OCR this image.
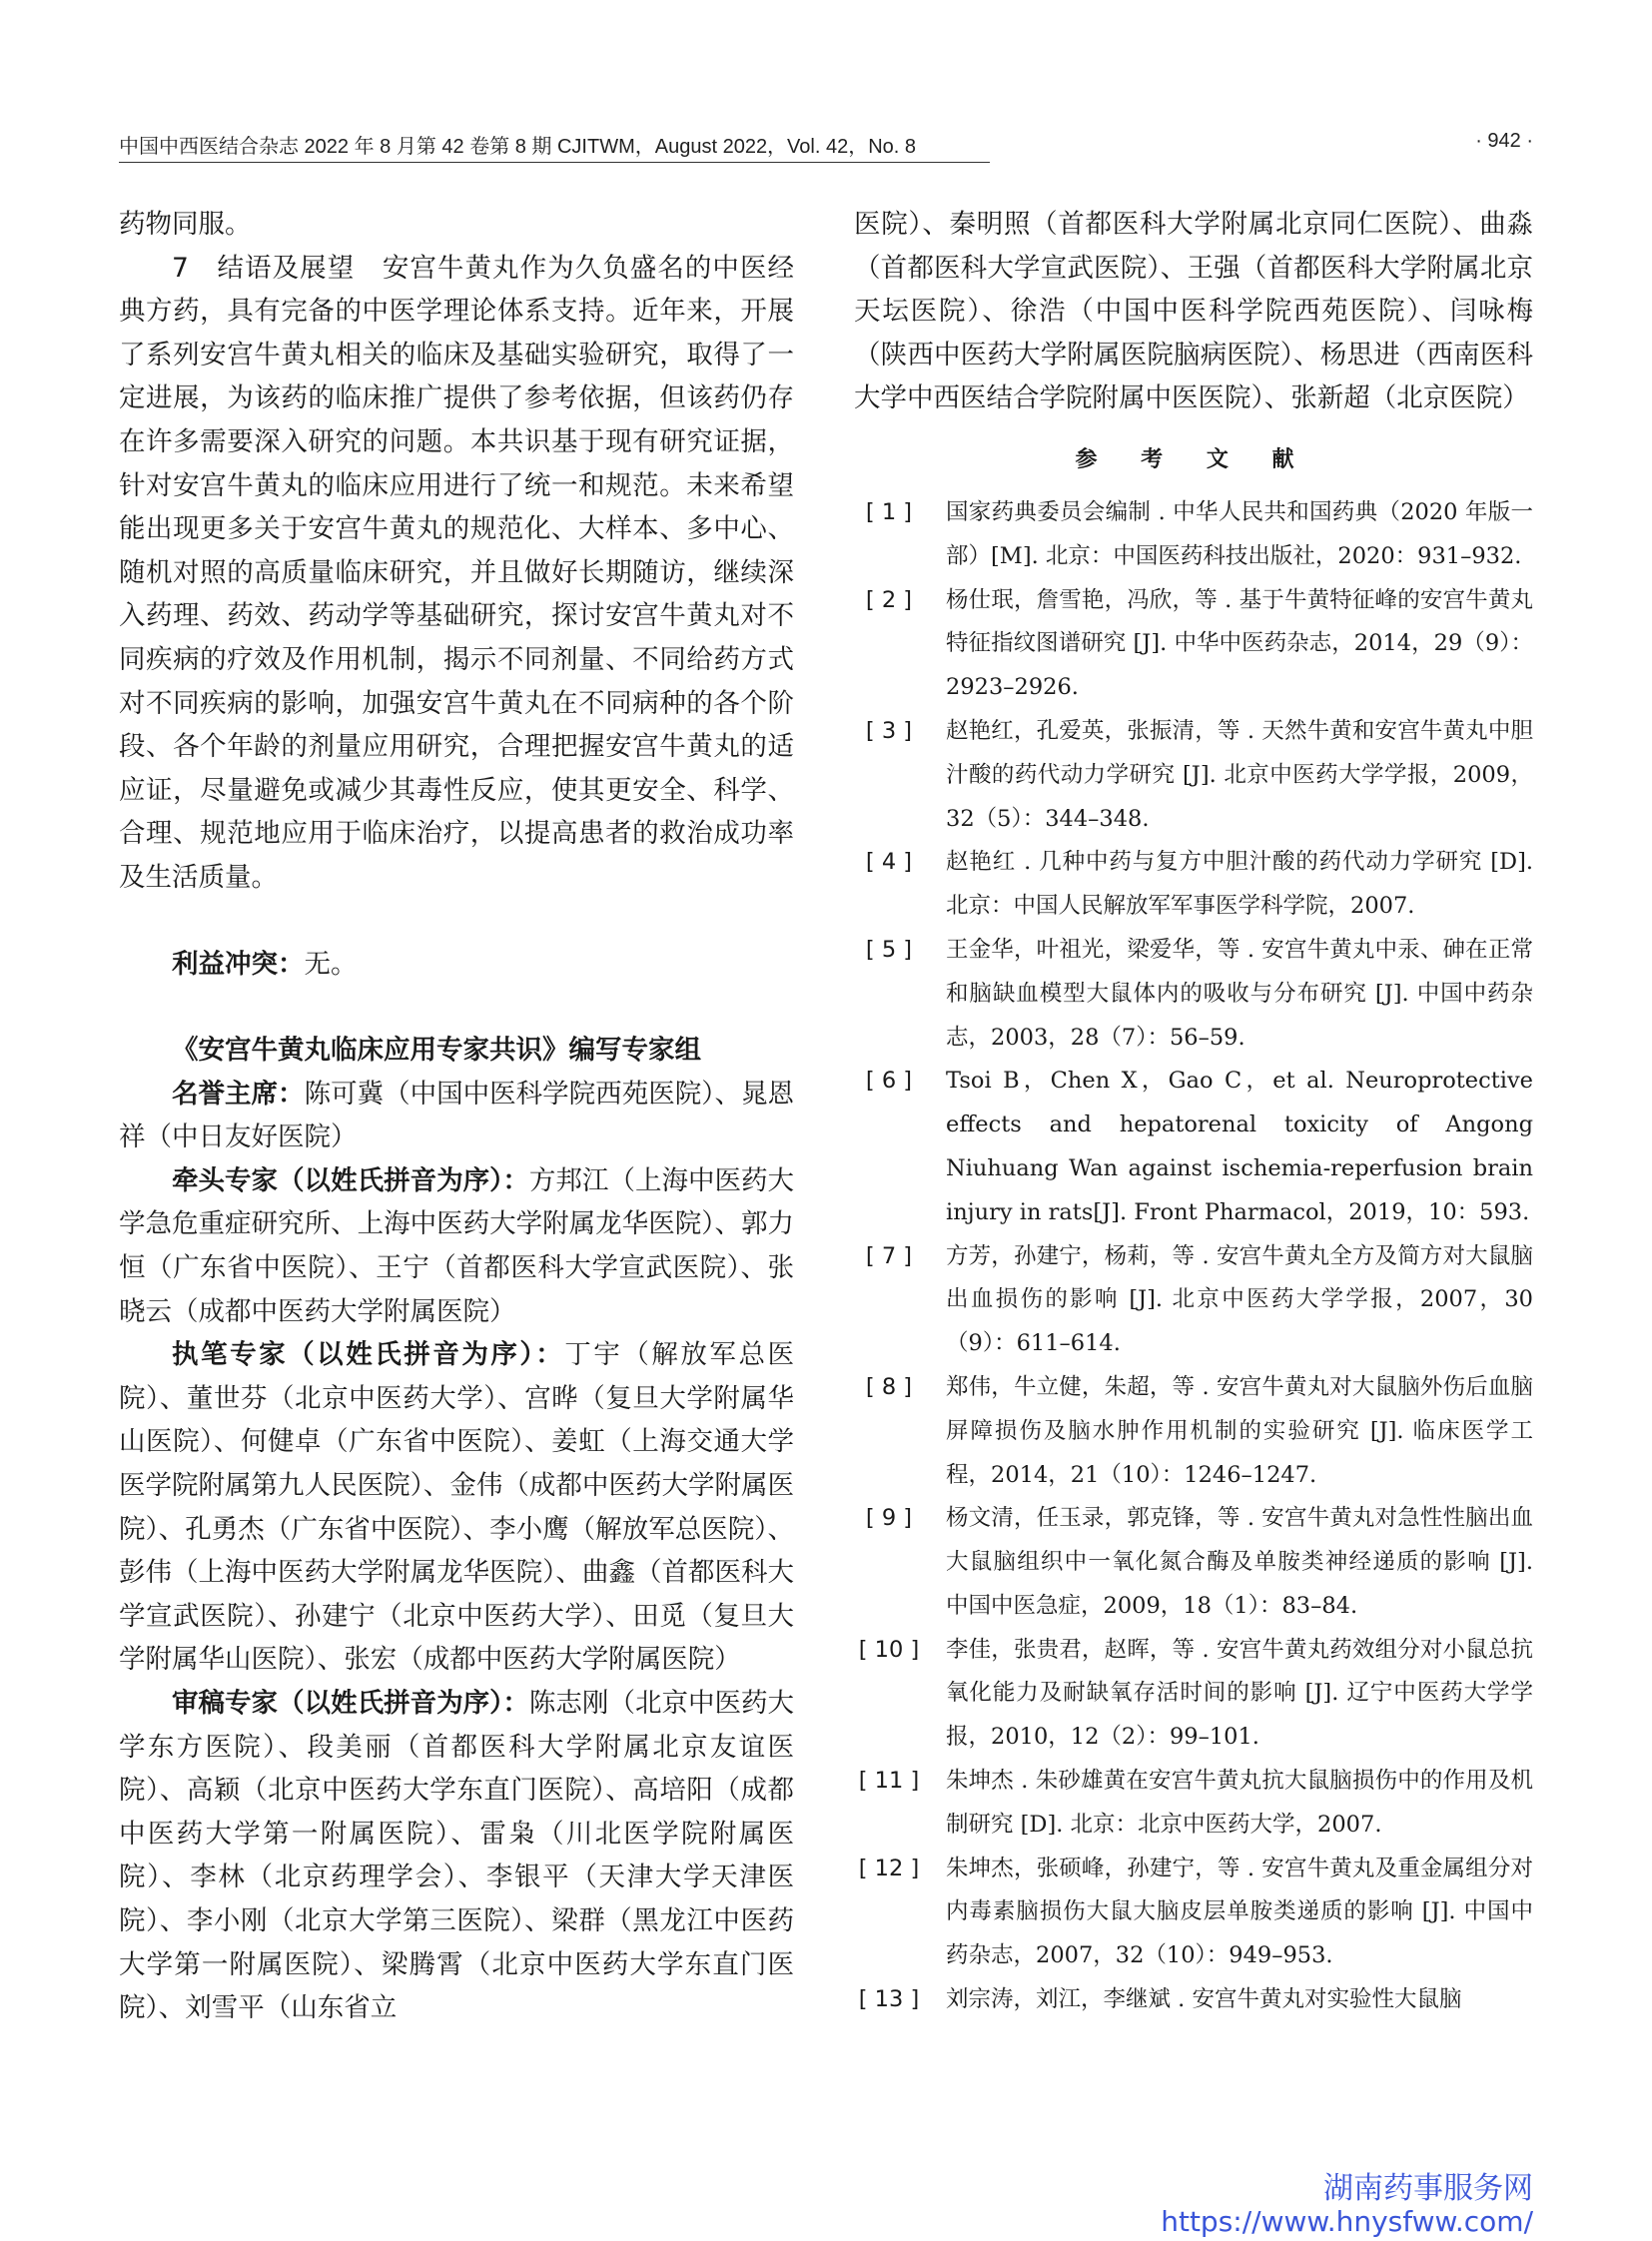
中国中西医结合杂志 2022 年 8 月第 42 卷第 8 期 CJITWM，August 2022，Vol. 42，No. 8	· 942 ·

药物同服。

7　 结语及展望　 安宫牛黄丸作为久负盛名的中医经典方药，具有完备的中医学理论体系支持。近年来，开展了系列安宫牛黄丸相关的临床及基础实验研究，取得了一定进展，为该药的临床推广提供了参考依据，但该药仍存在许多需要深入研究的问题。本共识基于现有研究证据，针对安宫牛黄丸的临床应用进行了统一和规范。未来希望能出现更多关于安宫牛黄丸的规范化、大样本、多中心、随机对照的高质量临床研究，并且做好长期随访，继续深入药理、药效、药动学等基础研究，探讨安宫牛黄丸对不同疾病的疗效及作用机制，揭示不同剂量、不同给药方式对不同疾病的影响，加强安宫牛黄丸在不同病种的各个阶段、各个年龄的剂量应用研究，合理把握安宫牛黄丸的适应证，尽量避免或减少其毒性反应，使其更安全、科学、合理、规范地应用于临床治疗，以提高患者的救治成功率及生活质量。

利益冲突：无。

《安宫牛黄丸临床应用专家共识》编写专家组

名誉主席：陈可冀（中国中医科学院西苑医院）、晁恩祥（中日友好医院）

牵头专家（以姓氏拼音为序）：方邦江（上海中医药大学急危重症研究所、上海中医药大学附属龙华医院）、郭力恒（广东省中医院）、王宁（首都医科大学宣武医院）、张晓云（成都中医药大学附属医院）

执笔专家（以姓氏拼音为序）：丁宇（解放军总医院）、董世芬（北京中医药大学）、宫晔（复旦大学附属华山医院）、何健卓（广东省中医院）、姜虹（上海交通大学医学院附属第九人民医院）、金伟（成都中医药大学附属医院）、孔勇杰（广东省中医院）、李小鹰（解放军总医院）、彭伟（上海中医药大学附属龙华医院）、曲鑫（首都医科大学宣武医院）、孙建宁（北京中医药大学）、田觅（复旦大学附属华山医院）、张宏（成都中医药大学附属医院）

审稿专家（以姓氏拼音为序）：陈志刚（北京中医药大学东方医院）、段美丽（首都医科大学附属北京友谊医院）、高颖（北京中医药大学东直门医院）、高培阳（成都中医药大学第一附属医院）、雷枭（川北医学院附属医院）、李林（北京药理学会）、李银平（天津大学天津医院）、李小刚（北京大学第三医院）、梁群（黑龙江中医药大学第一附属医院）、梁腾霄（北京中医药大学东直门医院）、刘雪平（山东省立

医院）、秦明照（首都医科大学附属北京同仁医院）、曲淼（首都医科大学宣武医院）、王强（首都医科大学附属北京天坛医院）、徐浩（中国中医科学院西苑医院）、闫咏梅（陕西中医药大学附属医院脑病医院）、杨思进（西南医科大学中西医结合学院附属中医医院）、张新超（北京医院）

参 考 文 献
[ 1 ]	国家药典委员会编制 . 中华人民共和国药典（2020 年版一部）[M]. 北京：中国医药科技出版社，2020：931–932.
[ 2 ]	杨仕珉，詹雪艳，冯欣，等 . 基于牛黄特征峰的安宫牛黄丸特征指纹图谱研究 [J]. 中华中医药杂志，2014，29（9）：2923–2926.
[ 3 ]	赵艳红，孔爱英，张振清，等 . 天然牛黄和安宫牛黄丸中胆汁酸的药代动力学研究 [J]. 北京中医药大学学报，2009，32（5）：344–348.
[ 4 ]	赵艳红 . 几种中药与复方中胆汁酸的药代动力学研究 [D]. 北京：中国人民解放军军事医学科学院，2007.
[ 5 ]	王金华，叶祖光，梁爱华，等 . 安宫牛黄丸中汞、砷在正常和脑缺血模型大鼠体内的吸收与分布研究 [J]. 中国中药杂志，2003，28（7）：56–59.
[ 6 ]	Tsoi B，Chen X，Gao C，et al. Neuroprotective effects and hepatorenal toxicity of Angong Niuhuang Wan against ischemia-reperfusion brain injury in rats[J]. Front Pharmacol，2019，10：593.
[ 7 ]	方芳，孙建宁，杨莉，等 . 安宫牛黄丸全方及简方对大鼠脑出血损伤的影响 [J]. 北京中医药大学学报，2007，30（9）：611–614.
[ 8 ]	郑伟，牛立健，朱超，等 . 安宫牛黄丸对大鼠脑外伤后血脑屏障损伤及脑水肿作用机制的实验研究 [J]. 临床医学工程，2014，21（10）：1246–1247.
[ 9 ]	杨文清，任玉录，郭克锋，等 . 安宫牛黄丸对急性性脑出血大鼠脑组织中一氧化氮合酶及单胺类神经递质的影响 [J]. 中国中医急症，2009，18（1）：83–84.
[ 10 ] 李佳，张贵君，赵晖，等 . 安宫牛黄丸药效组分对小鼠总抗氧化能力及耐缺氧存活时间的影响 [J]. 辽宁中医药大学学报，2010，12（2）：99–101.
[ 11 ] 朱坤杰 . 朱砂雄黄在安宫牛黄丸抗大鼠脑损伤中的作用及机制研究 [D]. 北京：北京中医药大学，2007.
[ 12 ] 朱坤杰，张硕峰，孙建宁，等 . 安宫牛黄丸及重金属组分对内毒素脑损伤大鼠大脑皮层单胺类递质的影响 [J]. 中国中药杂志，2007，32（10）：949–953.
[ 13 ] 刘宗涛，刘江，李继斌 . 安宫牛黄丸对实验性大鼠脑
湖南药事服务网
https://www.hnysfww.com/
